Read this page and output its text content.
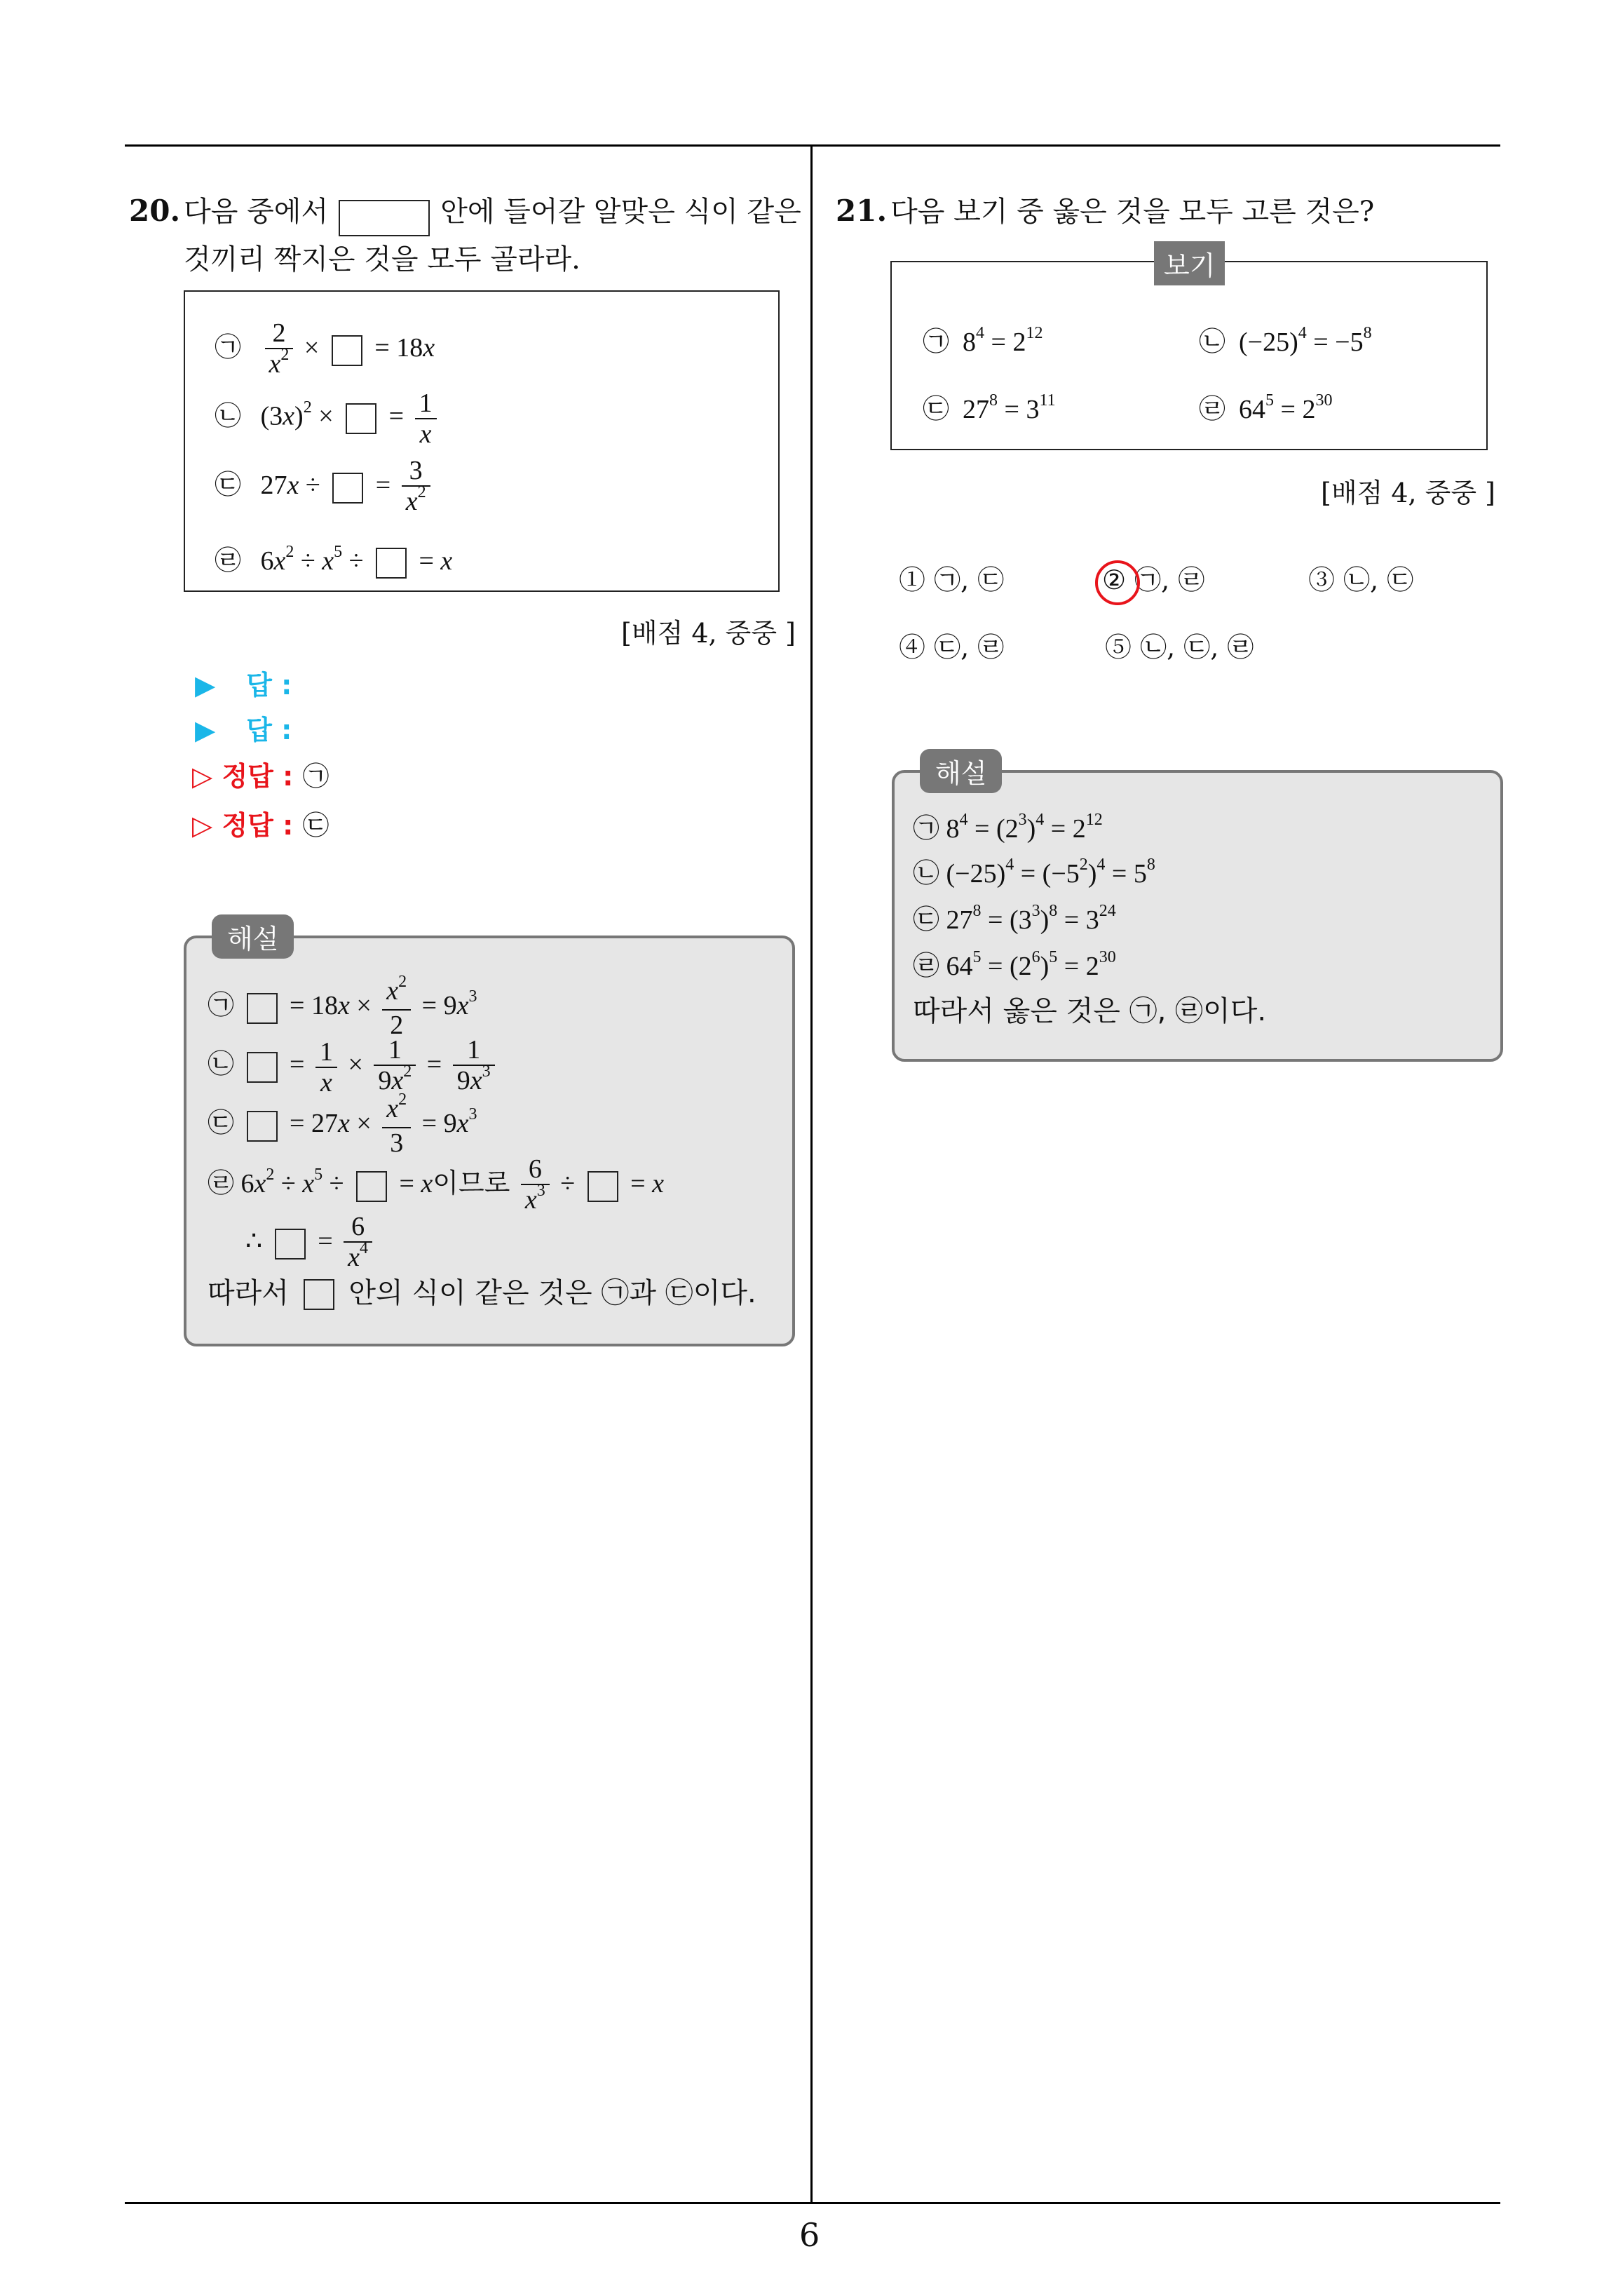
6
20. 다음 중에서	안에 들어갈 알맞은 식이 같은
것끼리 짝지은 것을 모두 골라라.
㉠ $\frac{2}{x^2}$ ×  = 18x
㉡ $(3x)^2$ ×  = $\frac{1}{x}$
㉢ 27x ÷  = $\frac{3}{x^2}$
㉣ $6x^2 \div x^5$ ÷  = x
[배점 4, 중중 ]
▶ 답 :
▶ 답 :
▷ 정답 : ㉠
▷ 정답 : ㉢
해설
㉠  = $18x \times \frac{x^2}{2} = 9x^3$
㉡  = $\frac{1}{x} \times \frac{1}{9x^2} = \frac{1}{9x^3}$
㉢  = $27x \times \frac{x^2}{3} = 9x^3$
㉣ $6x^2 \div x^5$ ÷  = x이므로 $\frac{6}{x^3}$ ÷  = x
∴  = $\frac{6}{x^4}$
따라서 안의 식이 같은 것은 ㉠과 ㉢이다.
21. 다음 보기 중 옳은 것을 모두 고른 것은?
보기
㉠  $8^4 = 2^{12}$	㉡  $(-25)^4 = -5^8$
㉢  $27^8 = 3^{11}$	㉣  $64^5 = 2^{30}$
[배점 4, 중중 ]
① ㉠, ㉢	② ㉠, ㉣	③ ㉡, ㉢
④ ㉢, ㉣	⑤ ㉡, ㉢, ㉣
해설
㉠ $8^4 = (2^3)^4 = 2^{12}$
㉡ $(-25)^4 = (-5^2)^4 = 5^8$
㉢ $27^8 = (3^3)^8 = 3^{24}$
㉣ $64^5 = (2^6)^5 = 2^{30}$
따라서 옳은 것은 ㉠, ㉣이다.
